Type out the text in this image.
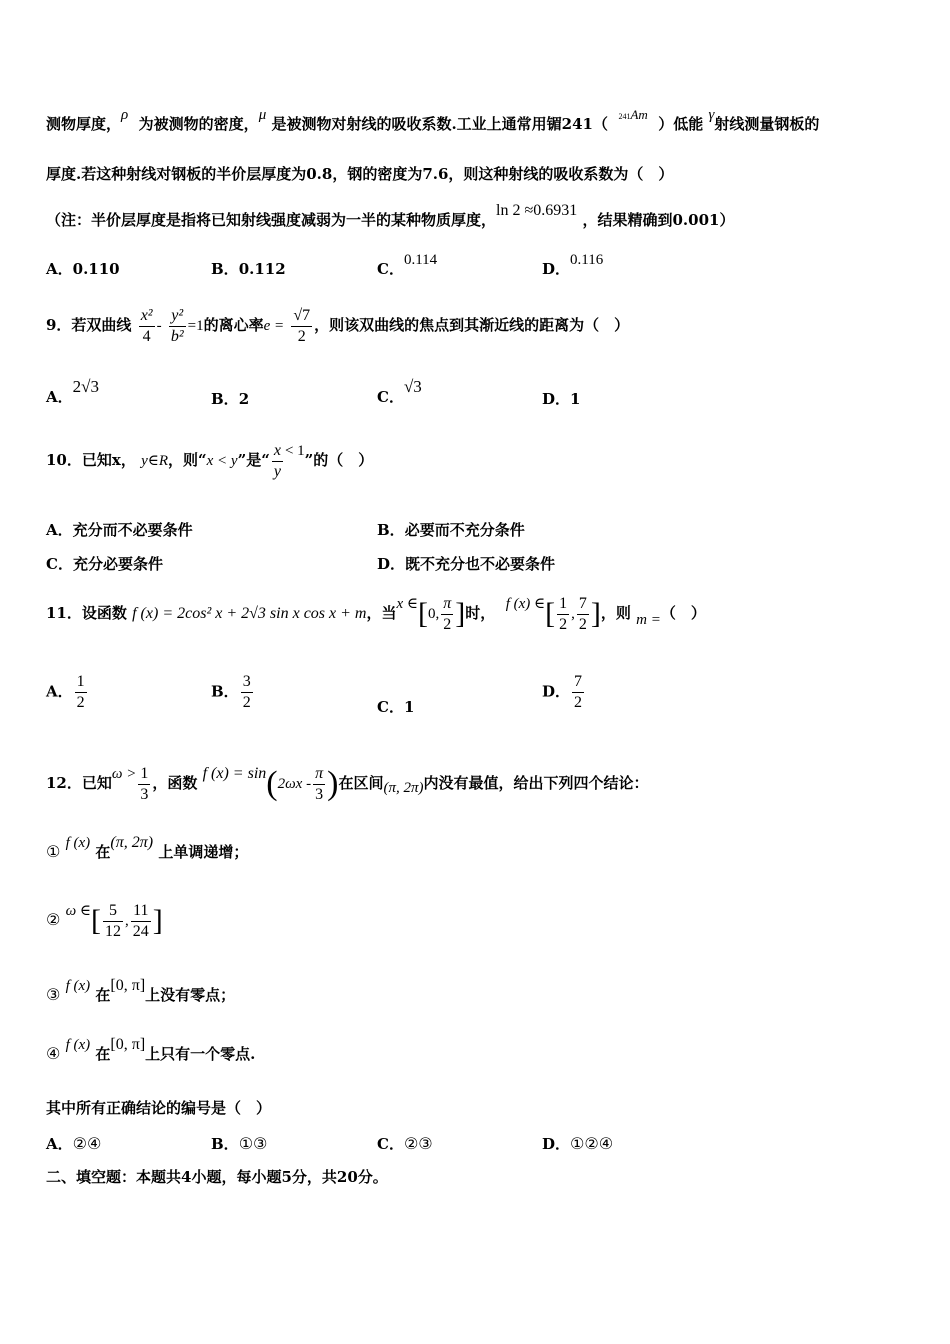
测物厚度，ρ 为被测物的密度，μ 是被测物对射线的吸收系数.工业上通常用镅241（ 241Am  ）低能 γ射线测量钢板的
厚度.若这种射线对钢板的半价层厚度为0.8，钢的密度为7.6，则这种射线的吸收系数为（　）
（注：半价层厚度是指将已知射线强度减弱为一半的某种物质厚度，ln 2 ≈0.6931 ，结果精确到0.001）
A．0.110	B．0.112	C．0.114	D．0.116
9．若双曲线 $\frac{\text{x²}}{4} - \frac{\text{y²}}{\text{b²}} =1$的离心率$e = \frac{√7}{2}$ ，则该双曲线的焦点到其渐近线的距离为（　）
A．2√3
B．2	C．√3
D．1
10．已知x， y∈R，则“x < y”是“ $\frac{x}{y} < 1$”的（　）
A．充分而不必要条件	B．必要而不充分条件
C．充分必要条件	D．既不充分也不必要条件
11．设函数 f (x) = 2cos² x + 2√3 sin x cos x + m，当x ∈[0, $\frac{\pi}{2}$ ]时， f (x) ∈[ $\frac{1}{2}$ , $\frac{7}{2}$ ]，则 m =（　）
A． $\frac{1}{2}$	B． $\frac{3}{2}$	C．1
D． $\frac{7}{2}$
12．已知$\omega > \frac{1}{3}$ ，函数 f $(x) = \sin(2\omega x - \frac{\pi}{3}$ )在区间(π, 2π)内没有最值，给出下列四个结论：
① f (x) 在(π, 2π) 上单调递增；
② ω ∈[ $\frac{5}{12}$ , $\frac{11}{24}$ ]
③ f (x) 在[0, π]上没有零点；
④ f (x) 在[0, π]上只有一个零点.
其中所有正确结论的编号是（　）
A．②④	B．①③	C．②③	D．①②④
二、填空题：本题共4小题，每小题5分，共20分。
